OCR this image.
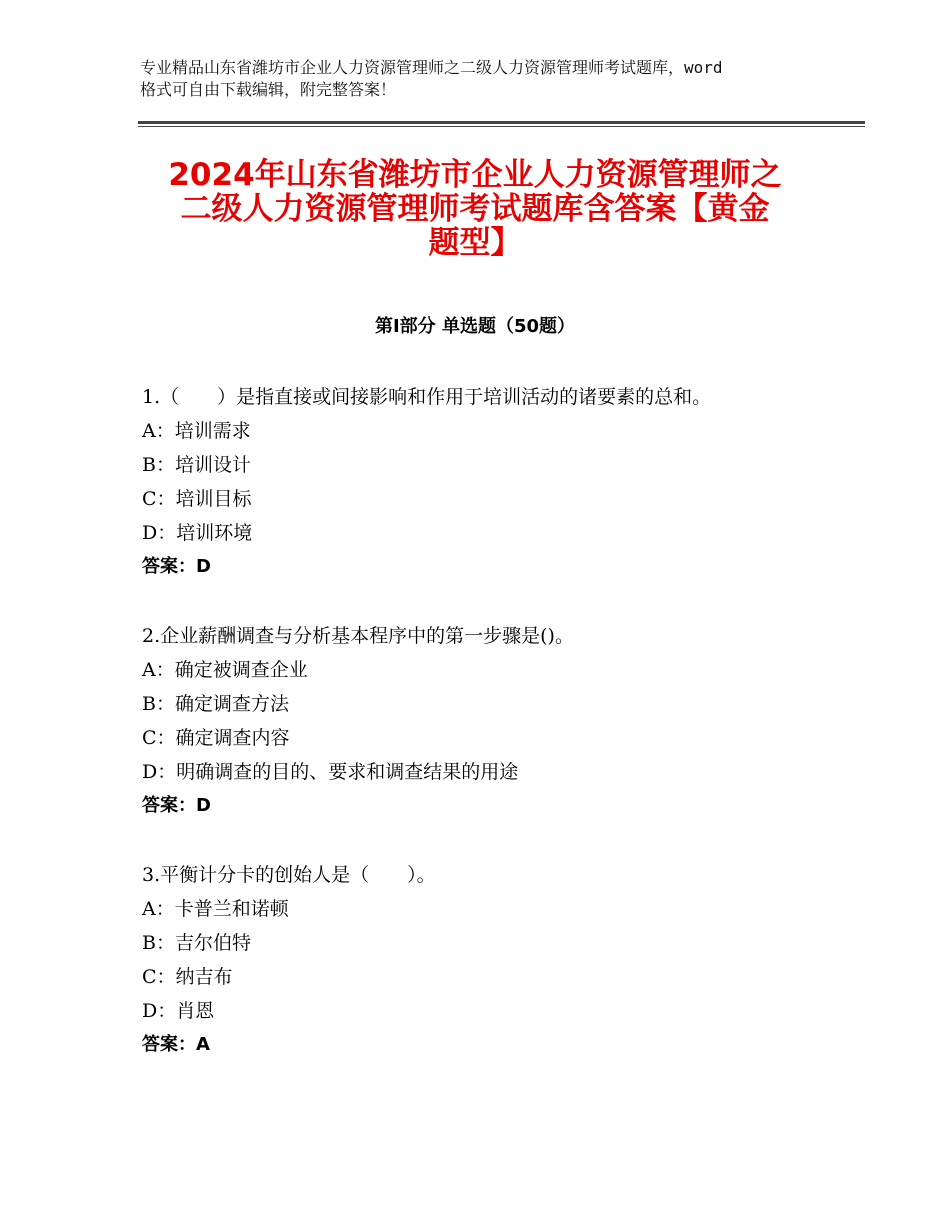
专业精品山东省潍坊市企业人力资源管理师之二级人力资源管理师考试题库，word
格式可自由下载编辑，附完整答案！
2024年山东省潍坊市企业人力资源管理师之
二级人力资源管理师考试题库含答案【黄金
题型】
第Ⅰ部分 单选题（50题）
1.（　　）是指直接或间接影响和作用于培训活动的诸要素的总和。
A：培训需求
B：培训设计
C：培训目标
D：培训环境
答案：D
2.企业薪酬调查与分析基本程序中的第一步骤是()。
A：确定被调查企业
B：确定调查方法
C：确定调查内容
D：明确调查的目的、要求和调查结果的用途
答案：D
3.平衡计分卡的创始人是（　　）。
A：卡普兰和诺顿
B：吉尔伯特
C：纳吉布
D：肖恩
答案：A
